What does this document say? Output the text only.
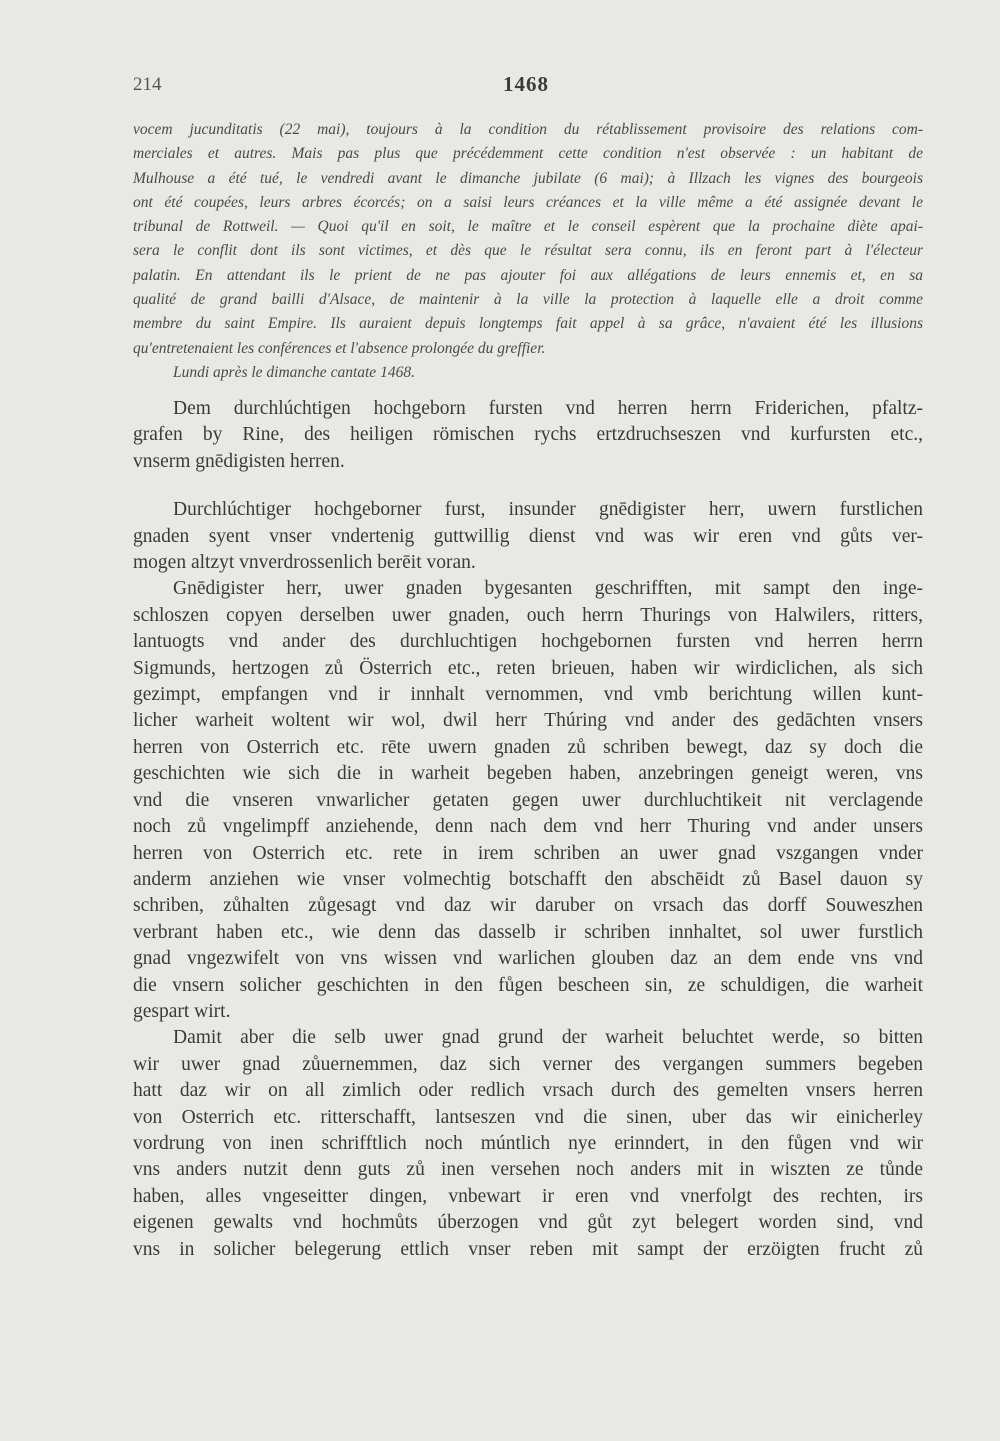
214	1468
vocem jucunditatis (22 mai), toujours à la condition du rétablissement provisoire des relations com-
merciales et autres. Mais pas plus que précédemment cette condition n'est observée : un habitant de
Mulhouse a été tué, le vendredi avant le dimanche jubilate (6 mai); à Illzach les vignes des bourgeois
ont été coupées, leurs arbres écorcés; on a saisi leurs créances et la ville même a été assignée devant le
tribunal de Rottweil. — Quoi qu'il en soit, le maître et le conseil espèrent que la prochaine diète apai-
sera le conflit dont ils sont victimes, et dès que le résultat sera connu, ils en feront part à l'électeur
palatin. En attendant ils le prient de ne pas ajouter foi aux allégations de leurs ennemis et, en sa
qualité de grand bailli d'Alsace, de maintenir à la ville la protection à laquelle elle a droit comme
membre du saint Empire. Ils auraient depuis longtemps fait appel à sa grâce, n'avaient été les illusions
qu'entretenaient les conférences et l'absence prolongée du greffier.
Lundi après le dimanche cantate 1468.
Dem durchlúchtigen hochgeborn fursten vnd herren herrn Friderichen, pfaltz-
grafen by Rine, des heiligen römischen rychs ertzdruchseszen vnd kurfursten etc.,
vnserm gnēdigisten herren.
Durchlúchtiger hochgeborner furst, insunder gnēdigister herr, uwern furstlichen
gnaden syent vnser vndertenig guttwillig dienst vnd was wir eren vnd gůts ver-
mogen altzyt vnverdrossenlich berēit voran.
Gnēdigister herr, uwer gnaden bygesanten geschrifften, mit sampt den inge-
schloszen copyen derselben uwer gnaden, ouch herrn Thurings von Halwilers, ritters,
lantuogts vnd ander des durchluchtigen hochgebornen fursten vnd herren herrn
Sigmunds, hertzogen zů Österrich etc., reten brieuen, haben wir wirdiclichen, als sich
gezimpt, empfangen vnd ir innhalt vernommen, vnd vmb berichtung willen kunt-
licher warheit woltent wir wol, dwil herr Thúring vnd ander des gedāchten vnsers
herren von Osterrich etc. rēte uwern gnaden zů schriben bewegt, daz sy doch die
geschichten wie sich die in warheit begeben haben, anzebringen geneigt weren, vns
vnd die vnseren vnwarlicher getaten gegen uwer durchluchtikeit nit verclagende
noch zů vngelimpff anziehende, denn nach dem vnd herr Thuring vnd ander unsers
herren von Osterrich etc. rete in irem schriben an uwer gnad vszgangen vnder
anderm anziehen wie vnser volmechtig botschafft den abschēidt zů Basel dauon sy
schriben, zůhalten zůgesagt vnd daz wir daruber on vrsach das dorff Souweszhen
verbrant haben etc., wie denn das dasselb ir schriben innhaltet, sol uwer furstlich
gnad vngezwifelt von vns wissen vnd warlichen glouben daz an dem ende vns vnd
die vnsern solicher geschichten in den fůgen bescheen sin, ze schuldigen, die warheit
gespart wirt.
Damit aber die selb uwer gnad grund der warheit beluchtet werde, so bitten
wir uwer gnad zůuernemmen, daz sich verner des vergangen summers begeben
hatt daz wir on all zimlich oder redlich vrsach durch des gemelten vnsers herren
von Osterrich etc. ritterschafft, lantseszen vnd die sinen, uber das wir einicherley
vordrung von inen schrifftlich noch múntlich nye erinndert, in den fůgen vnd wir
vns anders nutzit denn guts zů inen versehen noch anders mit in wiszten ze tůnde
haben, alles vngeseitter dingen, vnbewart ir eren vnd vnerfolgt des rechten, irs
eigenen gewalts vnd hochmůts úberzogen vnd gůt zyt belegert worden sind, vnd
vns in solicher belegerung ettlich vnser reben mit sampt der erzöigten frucht zů
